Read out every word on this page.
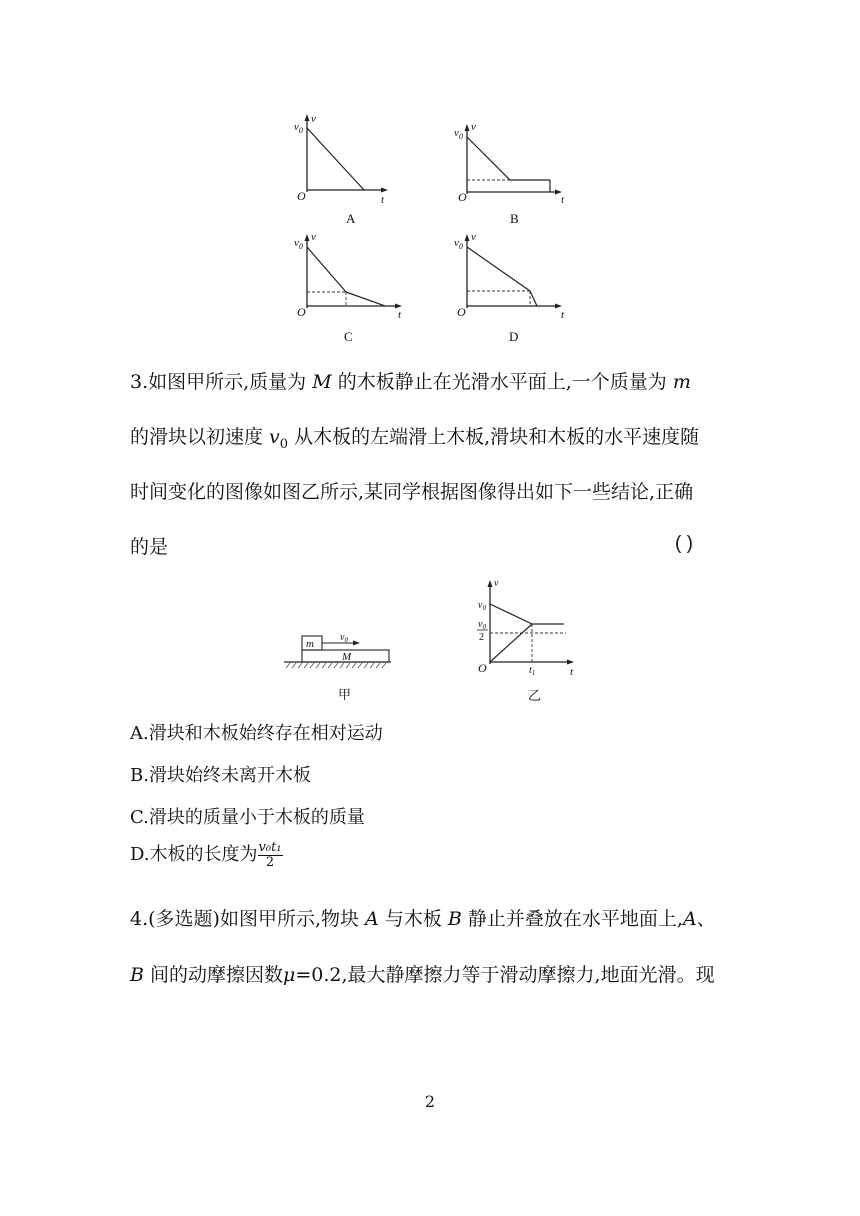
$v_0$
v
O	t
A
$v_0$
v
O	t
B
$v_0$
v
O	t
C
$v_0$
v
O	t
D
3.如图甲所示,质量为 M 的木板静止在光滑水平面上,一个质量为 m
的滑块以初速度 $v_0$ 从木板的左端滑上木板,滑块和木板的水平速度随
时间变化的图像如图乙所示,某同学根据图像得出如下一些结论,正确
的是	( )
m
M
$v_0$
甲
$v_0$
$v_0$
2
v
O	$t_1$	t
乙
A.滑块和木板始终存在相对运动
B.滑块始终未离开木板
C.滑块的质量小于木板的质量
D.木板的长度为 $\frac{\text{v₀t₁}}{2}$
4.(多选题)如图甲所示,物块 A 与木板 B 静止并叠放在水平地面上,A、
B 间的动摩擦因数μ=0.2,最大静摩擦力等于滑动摩擦力,地面光滑。现
2
